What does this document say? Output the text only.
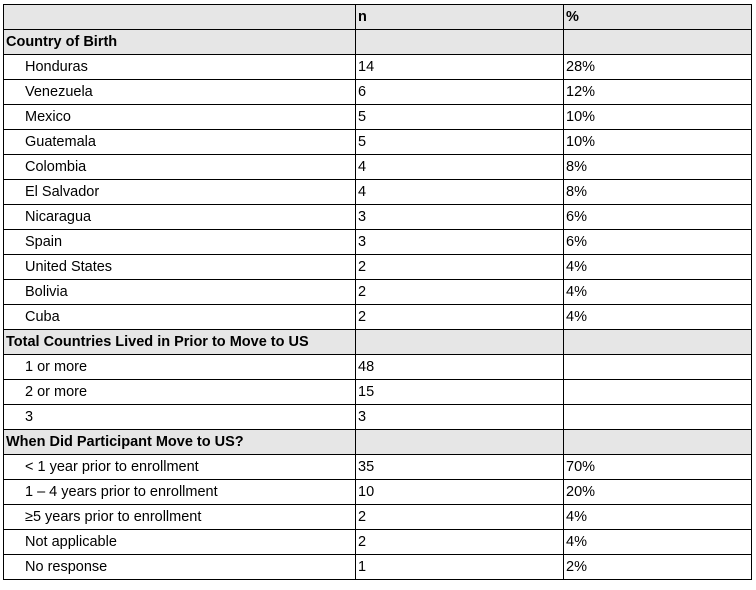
	n	%
Country of Birth		
Honduras	14	28%
Venezuela	6	12%
Mexico	5	10%
Guatemala	5	10%
Colombia	4	8%
El Salvador	4	8%
Nicaragua	3	6%
Spain	3	6%
United States	2	4%
Bolivia	2	4%
Cuba	2	4%
Total Countries Lived in Prior to Move to US		
1 or more	48	
2 or more	15	
3	3	
When Did Participant Move to US?		
< 1 year prior to enrollment	35	70%
1 – 4 years prior to enrollment	10	20%
≥5 years prior to enrollment	2	4%
Not applicable	2	4%
No response	1	2%
